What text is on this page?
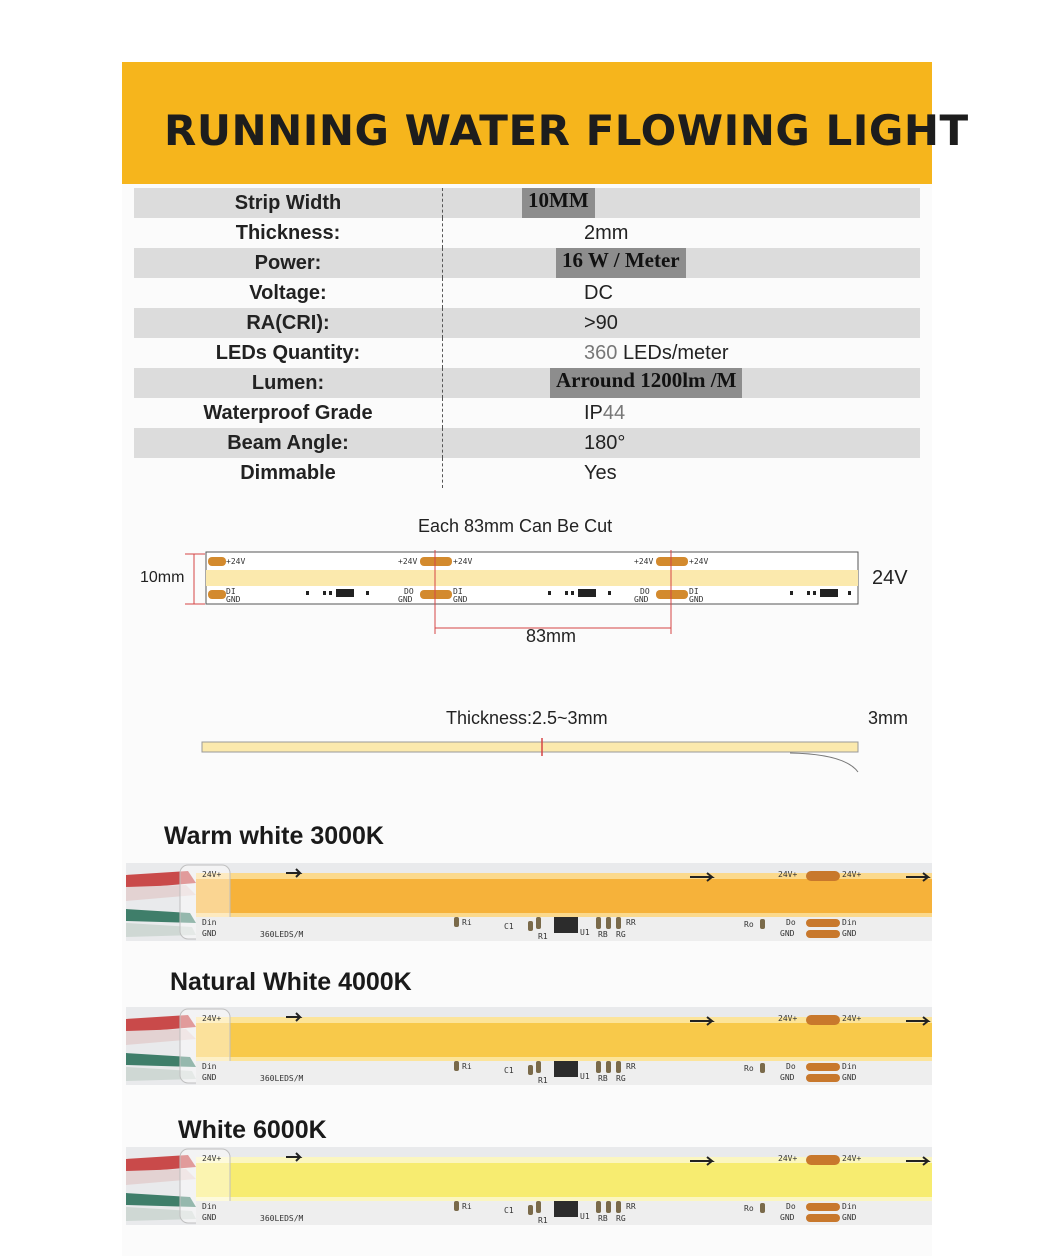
RUNNING WATER FLOWING LIGHT
Strip Width	10MM
Thickness:	2mm
Power:	16 W / Meter
Voltage:	DC
RA(CRI):	>90
LEDs Quantity:	360 LEDs/meter
Lumen:	Arround 1200lm /M
Waterproof Grade	IP44
Beam Angle:	180°
Dimmable	Yes
+24V
DI
GND
+24V	+24V
DO
GND
DI
GND
+24V	+24V
DO
GND
DI
GND
Each 83mm Can Be Cut
10mm	24V
83mm
Thickness:2.5~3mm	3mm
Warm white 3000K
24V+
Din
GND	360LEDS/M
Ri	C1
R1	U1 RB RG
RR	Ro
24V+	24V+
Do
GND
Din
GND
Natural White 4000K
24V+
Din
GND	360LEDS/M
Ri	C1
R1	U1 RB RG
RR	Ro
24V+	24V+
Do
GND
Din
GND
White 6000K
24V+
Din
GND	360LEDS/M
Ri	C1
R1	U1 RB RG
RR	Ro
24V+	24V+
Do
GND
Din
GND
